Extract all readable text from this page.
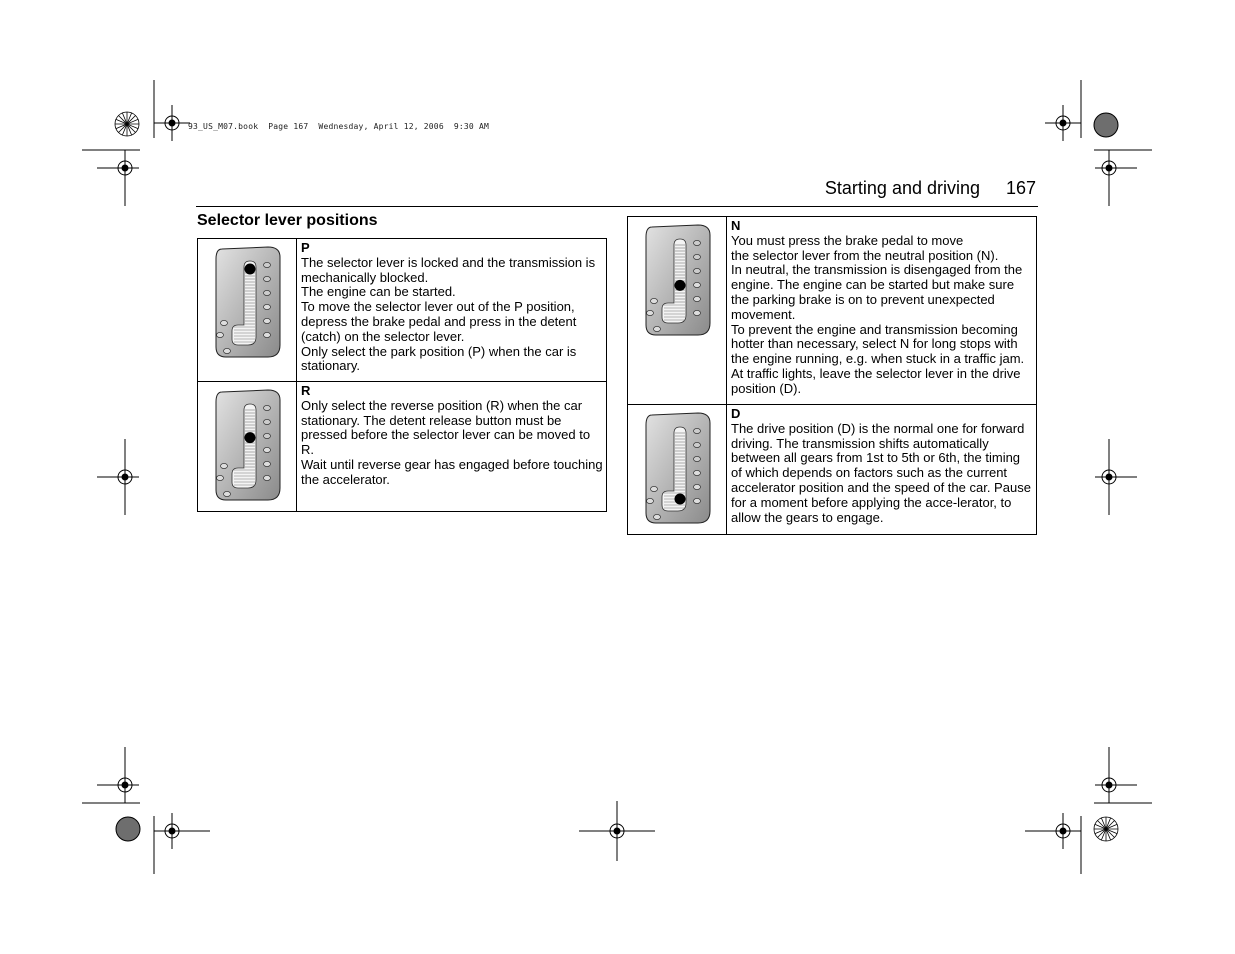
93_US_M07.book  Page 167  Wednesday, April 12, 2006  9:30 AM
Starting and driving 167
Selector lever positions

P
The selector lever is locked and the transmission is mechanically blocked.
The engine can be started.
To move the selector lever out of the P position, depress the brake pedal and press in the detent (catch) on the selector lever.
Only select the park position (P) when the car is stationary.

R
Only select the reverse position (R) when the car stationary. The detent release button must be pressed before the selector lever can be moved to R.
Wait until reverse gear has engaged before touching the accelerator.

N
You must press the brake pedal to move
the selector lever from the neutral position (N).
In neutral, the transmission is disengaged from the engine. The engine can be started but make sure the parking brake is on to prevent unexpected movement.
To prevent the engine and transmission becoming hotter than necessary, select N for long stops with the engine running, e.g. when stuck in a traffic jam. At traffic lights, leave the selector lever in the drive position (D).

D
The drive position (D) is the normal one for forward driving. The transmission shifts automatically between all gears from 1st to 5th or 6th, the timing of which depends on factors such as the current accelerator position and the speed of the car. Pause for a moment before applying the acce-lerator, to allow the gears to engage.
